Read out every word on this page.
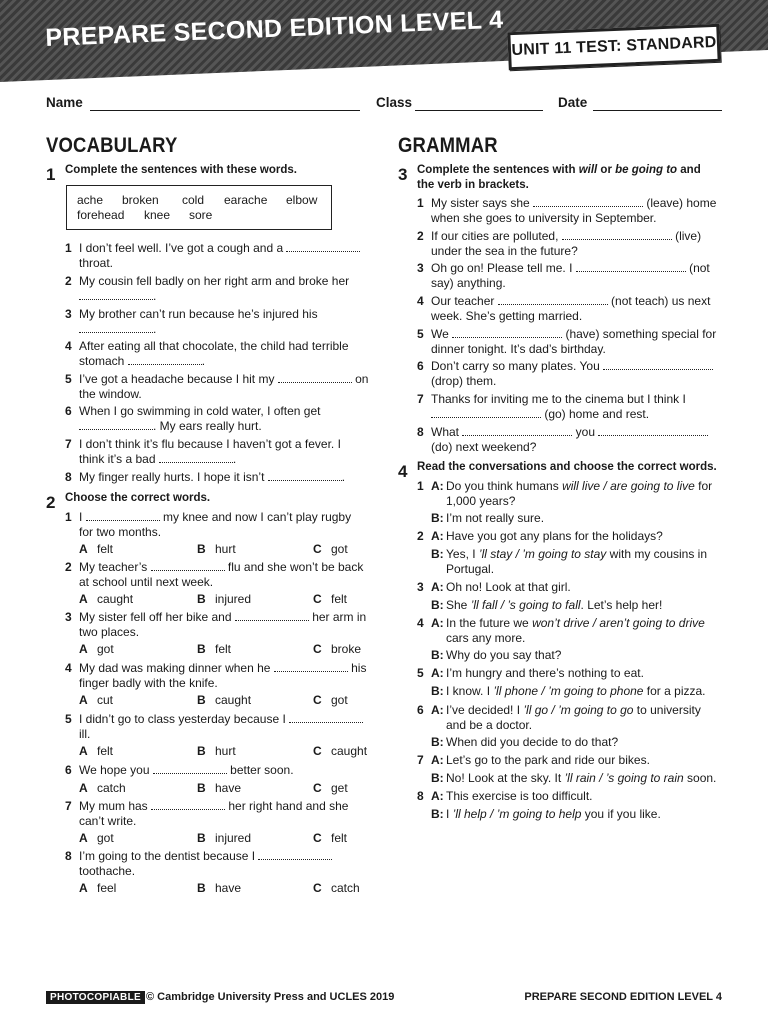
PREPARE SECOND EDITION LEVEL 4 UNIT 11 TEST: STANDARD
Name	Class	Date
VOCABULARY
1 Complete the sentences with these words.
ache broken cold earache elbow
forehead knee sore
1 I don’t feel well. I’ve got a cough and a
throat.
2 My cousin fell badly on her right arm and broke her
.
3 My brother can’t run because he’s injured his
.
4 After eating all that chocolate, the child had terrible
stomach	.
5 I’ve got a headache because I hit my	on
the window.
6 When I go swimming in cold water, I often get
. My ears really hurt.
7 I don’t think it’s flu because I haven’t got a fever. I
think it’s a bad	.
8 My finger really hurts. I hope it isn’t	.
2 Choose the correct words.
1 I	my knee and now I can’t play rugby
for two months.
A felt	B hurt	C got
2 My teacher’s	flu and she won’t be back
at school until next week.
A caught	B injured	C felt
3 My sister fell off her bike and	her arm in
two places.
A got	B felt	C broke
4 My dad was making dinner when he	his
finger badly with the knife.
A cut	B caught	C got
5 I didn’t go to class yesterday because I
ill.
A felt	B hurt	C caught
6 We hope you	better soon.
A catch	B have	C get
7 My mum has	her right hand and she
can’t write.
A got	B injured	C felt
8 I’m going to the dentist because I
toothache.
A feel	B have	C catch
GRAMMAR
3 Complete the sentences with will or be going to and
the verb in brackets.
1 My sister says she	(leave) home
when she goes to university in September.
2 If our cities are polluted,	(live)
under the sea in the future?
3 Oh go on! Please tell me. I	(not
say) anything.
4 Our teacher	(not teach) us next
week. She’s getting married.
5 We	(have) something special for
dinner tonight. It’s dad’s birthday.
6 Don’t carry so many plates. You
(drop) them.
7 Thanks for inviting me to the cinema but I think I
(go) home and rest.
8 What	you
(do) next weekend?
4 Read the conversations and choose the correct words.
1 A: Do you think humans will live / are going to live for
1,000 years?
B: I’m not really sure.
2 A: Have you got any plans for the holidays?
B: Yes, I ’ll stay / ’m going to stay with my cousins in
Portugal.
3 A: Oh no! Look at that girl.
B: She ’ll fall / ’s going to fall. Let’s help her!
4 A: In the future we won’t drive / aren’t going to drive
cars any more.
B: Why do you say that?
5 A: I’m hungry and there’s nothing to eat.
B: I know. I ’ll phone / ’m going to phone for a pizza.
6 A: I’ve decided! I ’ll go / ’m going to go to university
and be a doctor.
B: When did you decide to do that?
7 A: Let’s go to the park and ride our bikes.
B: No! Look at the sky. It ’ll rain / ’s going to rain soon.
8 A: This exercise is too difficult.
B: I ’ll help / ’m going to help you if you like.
PHOTOCOPIABLE © Cambridge University Press and UCLES 2019	PREPARE SECOND EDITION LEVEL 4
